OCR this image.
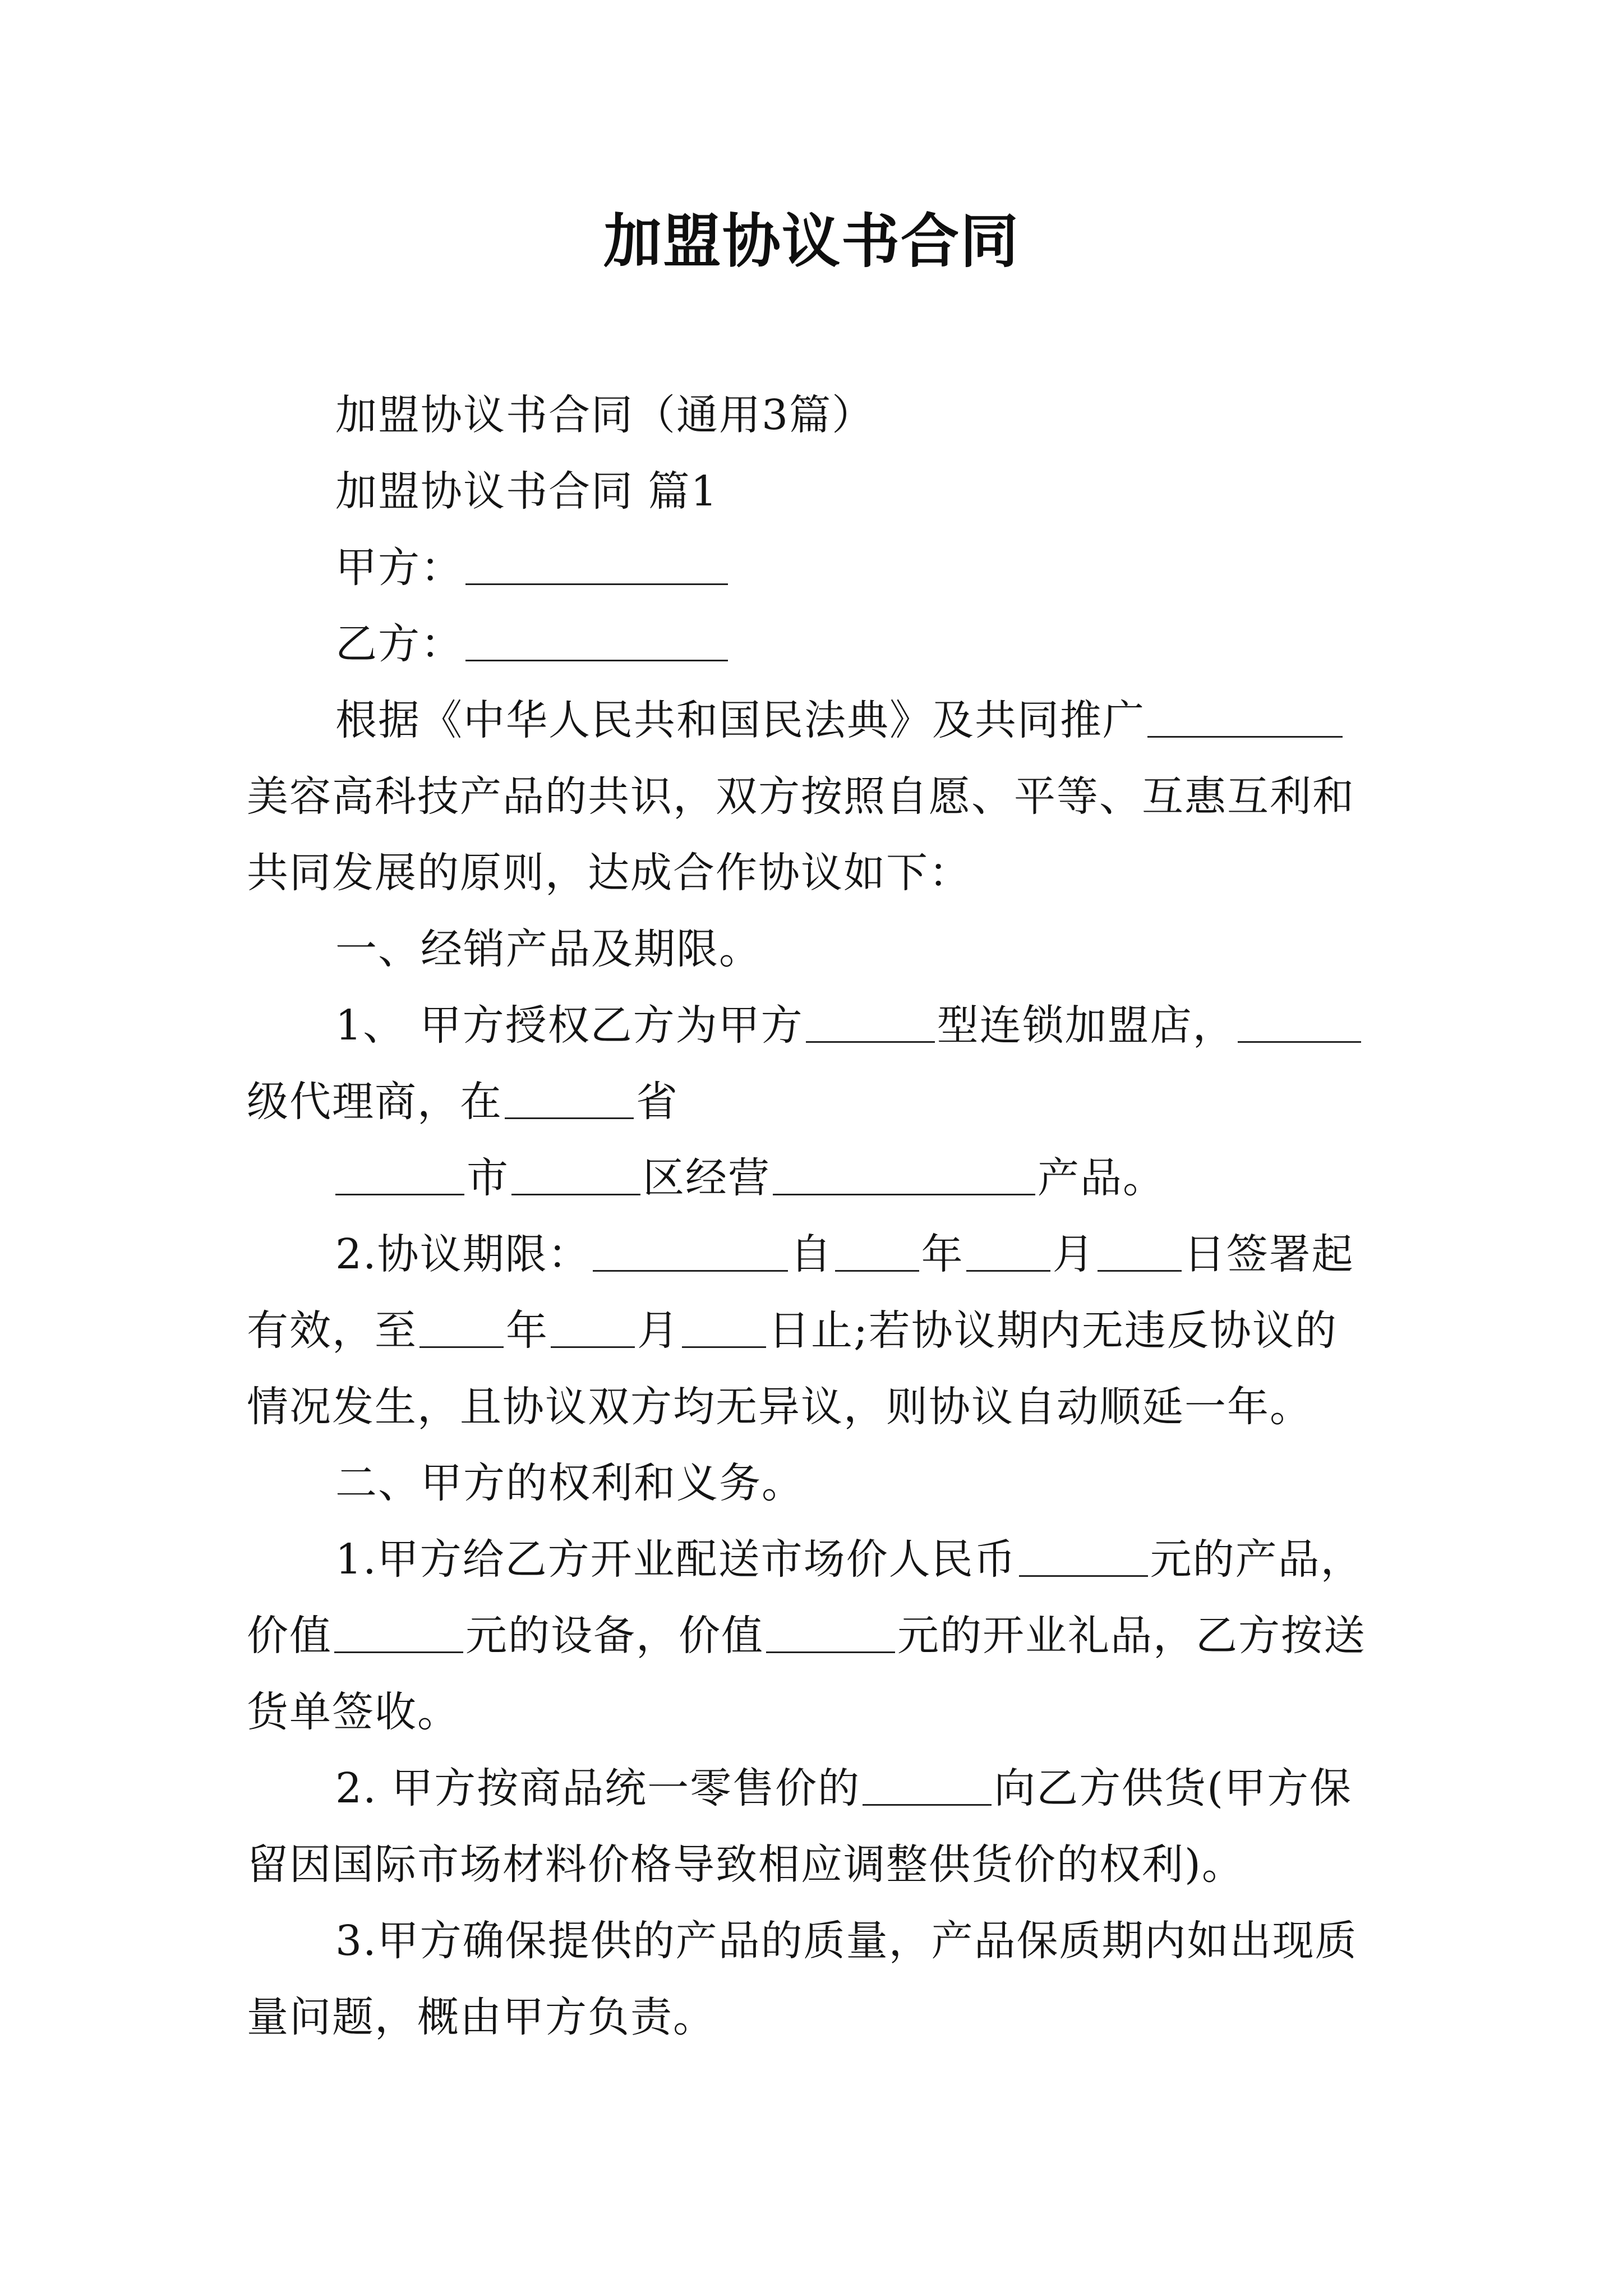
加盟协议书合同
加盟协议书合同（通用3篇）
加盟协议书合同 篇1
甲方：
乙方：
根据《中华人民共和国民法典》及共同推广
美容高科技产品的共识，双方按照自愿、平等、互惠互利和
共同发展的原则，达成合作协议如下：
一、经销产品及期限。
1、 甲方授权乙方为甲方	型连锁加盟店，
级代理商，在	省
市	区经营	产品。
2.协议期限：	自 年 月 日签署起
有效，至 年 月 日止;若协议期内无违反协议的
情况发生，且协议双方均无异议，则协议自动顺延一年。
二、甲方的权利和义务。
1.甲方给乙方开业配送市场价人民币	元的产品，
价值	元的设备，价值	元的开业礼品，乙方按送
货单签收。
2. 甲方按商品统一零售价的	向乙方供货(甲方保
留因国际市场材料价格导致相应调整供货价的权利)。
3.甲方确保提供的产品的质量，产品保质期内如出现质
量问题，概由甲方负责。
